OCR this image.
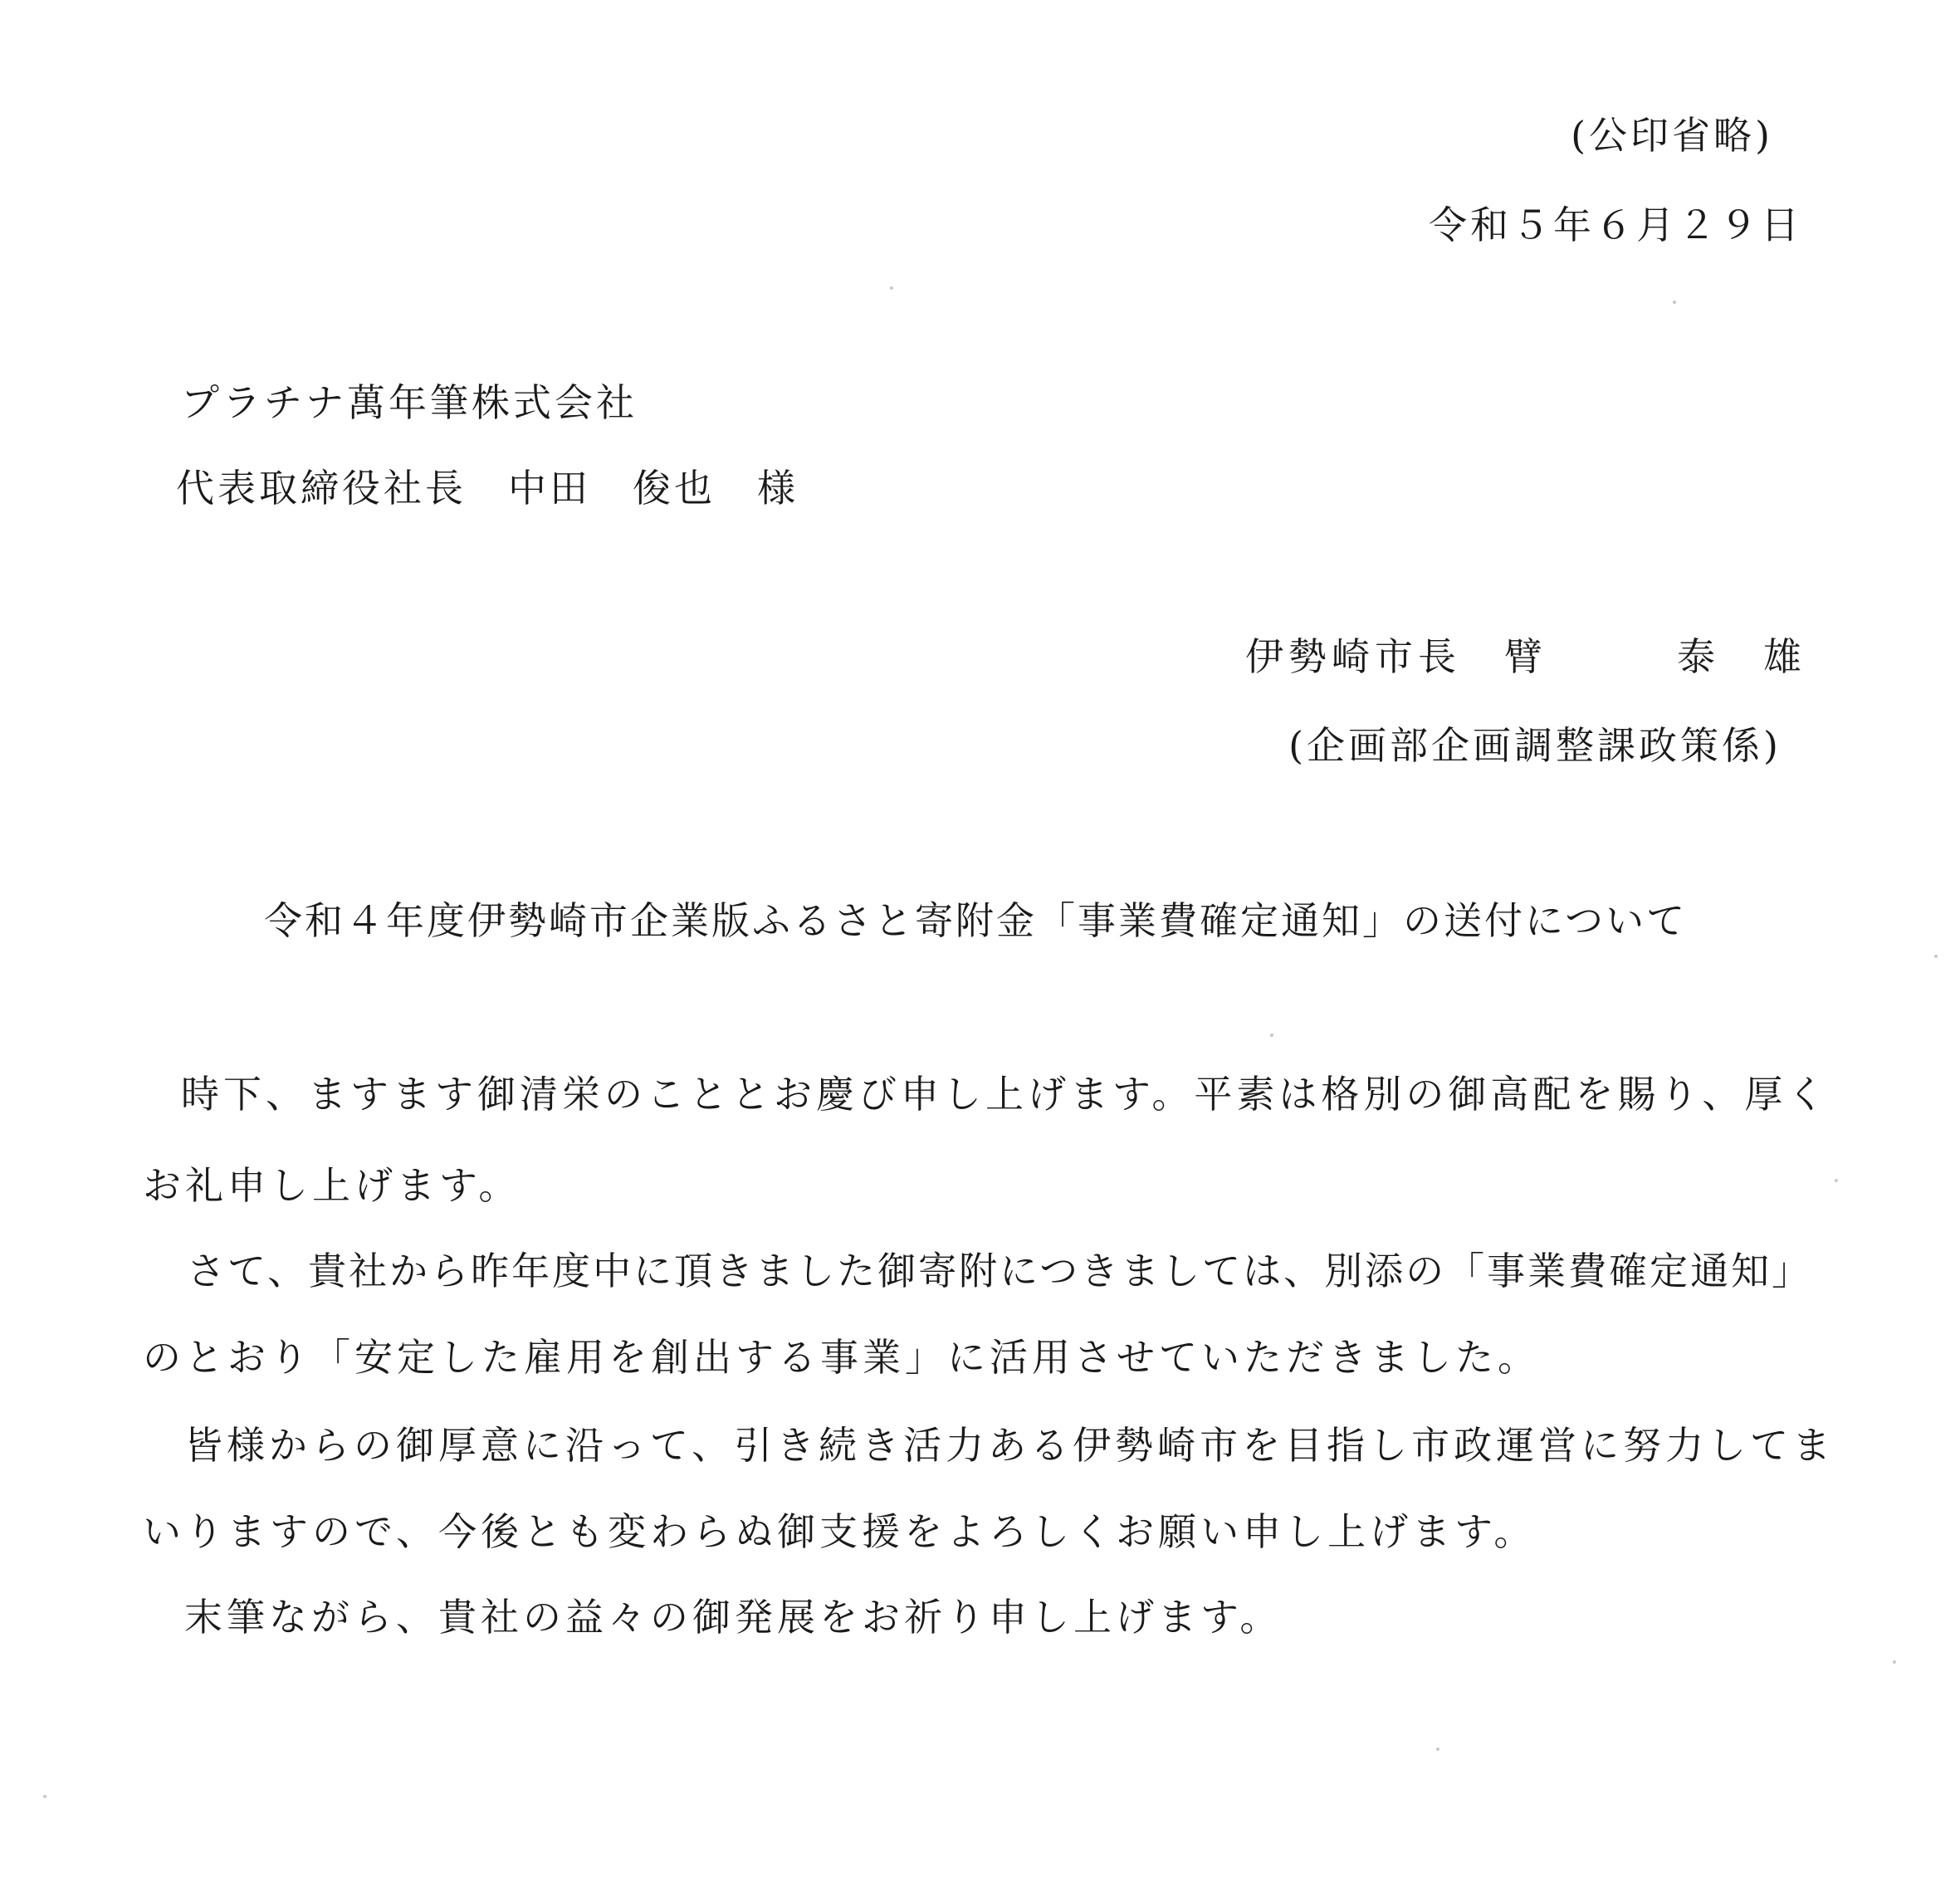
(公印省略)
令和５年６月２９日
プラチナ萬年筆株式会社
代表取締役社長　中田　俊也　様
伊勢崎市長　臂　　　泰　雄
(企画部企画調整課政策係)
令和４年度伊勢崎市企業版ふるさと寄附金「事業費確定通知」の送付について
時下、ますます御清栄のこととお慶び申し上げます。平素は格別の御高配を賜り、厚く
お礼申し上げます。
さて、貴社から昨年度中に頂きました御寄附につきましては、別添の「事業費確定通知」
のとおり「安定した雇用を創出する事業」に活用させていただきました。
皆様からの御厚意に沿って、引き続き活力ある伊勢崎市を目指し市政運営に努力してま
いりますので、今後とも変わらぬ御支援をよろしくお願い申し上げます。
末筆ながら、貴社の益々の御発展をお祈り申し上げます。
